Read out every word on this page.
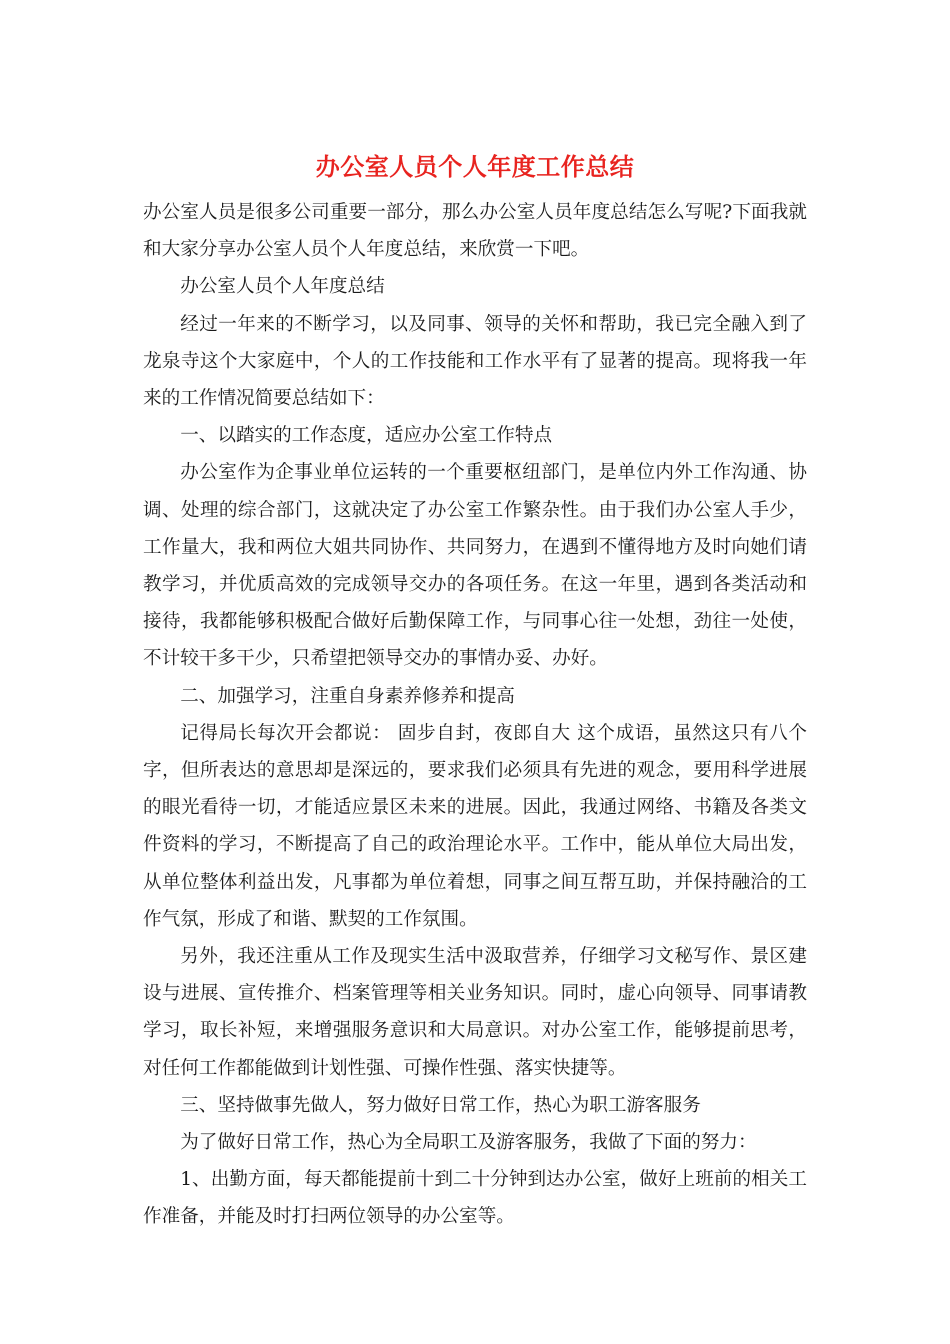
办公室人员个人年度工作总结

办公室人员是很多公司重要一部分，那么办公室人员年度总结怎么写呢?下面我就和大家分享办公室人员个人年度总结，来欣赏一下吧。

办公室人员个人年度总结

经过一年来的不断学习，以及同事、领导的关怀和帮助，我已完全融入到了龙泉寺这个大家庭中，个人的工作技能和工作水平有了显著的提高。现将我一年来的工作情况简要总结如下：

一、以踏实的工作态度，适应办公室工作特点

办公室作为企事业单位运转的一个重要枢纽部门，是单位内外工作沟通、协调、处理的综合部门，这就决定了办公室工作繁杂性。由于我们办公室人手少，工作量大，我和两位大姐共同协作、共同努力，在遇到不懂得地方及时向她们请教学习，并优质高效的完成领导交办的各项任务。在这一年里，遇到各类活动和接待，我都能够积极配合做好后勤保障工作，与同事心往一处想，劲往一处使，不计较干多干少，只希望把领导交办的事情办妥、办好。

二、加强学习，注重自身素养修养和提高

记得局长每次开会都说： 固步自封，夜郎自大 这个成语，虽然这只有八个字，但所表达的意思却是深远的，要求我们必须具有先进的观念，要用科学进展的眼光看待一切，才能适应景区未来的进展。因此，我通过网络、书籍及各类文件资料的学习，不断提高了自己的政治理论水平。工作中，能从单位大局出发，从单位整体利益出发，凡事都为单位着想，同事之间互帮互助，并保持融洽的工作气氛，形成了和谐、默契的工作氛围。

另外，我还注重从工作及现实生活中汲取营养，仔细学习文秘写作、景区建设与进展、宣传推介、档案管理等相关业务知识。同时，虚心向领导、同事请教学习，取长补短，来增强服务意识和大局意识。对办公室工作，能够提前思考，对任何工作都能做到计划性强、可操作性强、落实快捷等。

三、坚持做事先做人，努力做好日常工作，热心为职工游客服务

为了做好日常工作，热心为全局职工及游客服务，我做了下面的努力：

1、出勤方面，每天都能提前十到二十分钟到达办公室，做好上班前的相关工作准备，并能及时打扫两位领导的办公室等。
